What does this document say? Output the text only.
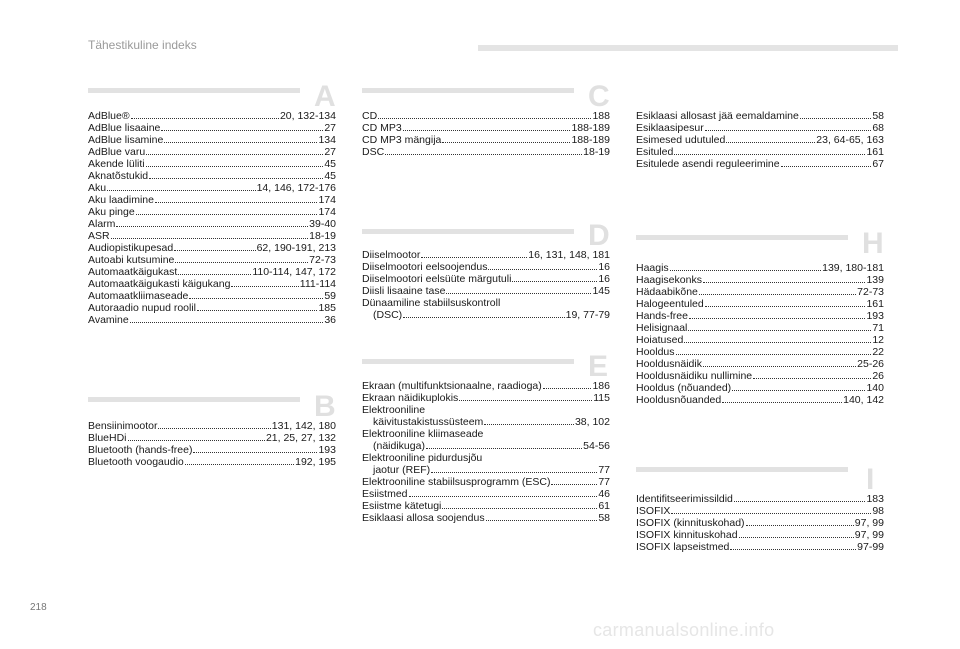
Tähestikuline indeks
A
AdBlue®	20, 132-134
AdBlue lisaaine	27
AdBlue lisamine	134
AdBlue varu	27
Akende lüliti	45
Aknatõstukid	45
Aku	14, 146, 172-176
Aku laadimine	174
Aku pinge	174
Alarm	39-40
ASR	18-19
Audiopistikupesad	62, 190-191, 213
Autoabi kutsumine	72-73
Automaatkäigukast	110-114, 147, 172
Automaatkäigukasti käigukang	111-114
Automaatkliimaseade	59
Autoraadio nupud roolil	185
Avamine	36
B
Bensiinimootor	131, 142, 180
BlueHDi	21, 25, 27, 132
Bluetooth (hands-free)	193
Bluetooth voogaudio	192, 195
C
CD	188
CD MP3	188-189
CD MP3 mängija	188-189
DSC	18-19
D
Diiselmootor	16, 131, 148, 181
Diiselmootori eelsoojendus	16
Diiselmootori eelsüüte märgutuli	16
Diisli lisaaine tase	145
Dünaamiline stabiilsuskontroll
(DSC)	19, 77-79
E
Ekraan (multifunktsionaalne, raadioga)	186
Ekraan näidikuplokis	115
Elektrooniline
käivitustakistussüsteem	38, 102
Elektrooniline kliimaseade
(näidikuga)	54-56
Elektrooniline pidurdusjõu
jaotur (REF)	77
Elektrooniline stabiilsusprogramm (ESC)	77
Esiistmed	46
Esiistme kätetugi	61
Esiklaasi allosa soojendus	58
Esiklaasi allosast jää eemaldamine	58
Esiklaasipesur	68
Esimesed udutuled	23, 64-65, 163
Esituled	161
Esitulede asendi reguleerimine	67
H
Haagis	139, 180-181
Haagisekonks	139
Hädaabikõne	72-73
Halogeentuled	161
Hands-free	193
Helisignaal	71
Hoiatused	12
Hooldus	22
Hooldusnäidik	25-26
Hooldusnäidiku nullimine	26
Hooldus (nõuanded)	140
Hooldusnõuanded	140, 142
I
Identifitseerimissildid	183
ISOFIX	98
ISOFIX (kinnituskohad)	97, 99
ISOFIX kinnituskohad	97, 99
ISOFIX lapseistmed	97-99
218
carmanualsonline.info
